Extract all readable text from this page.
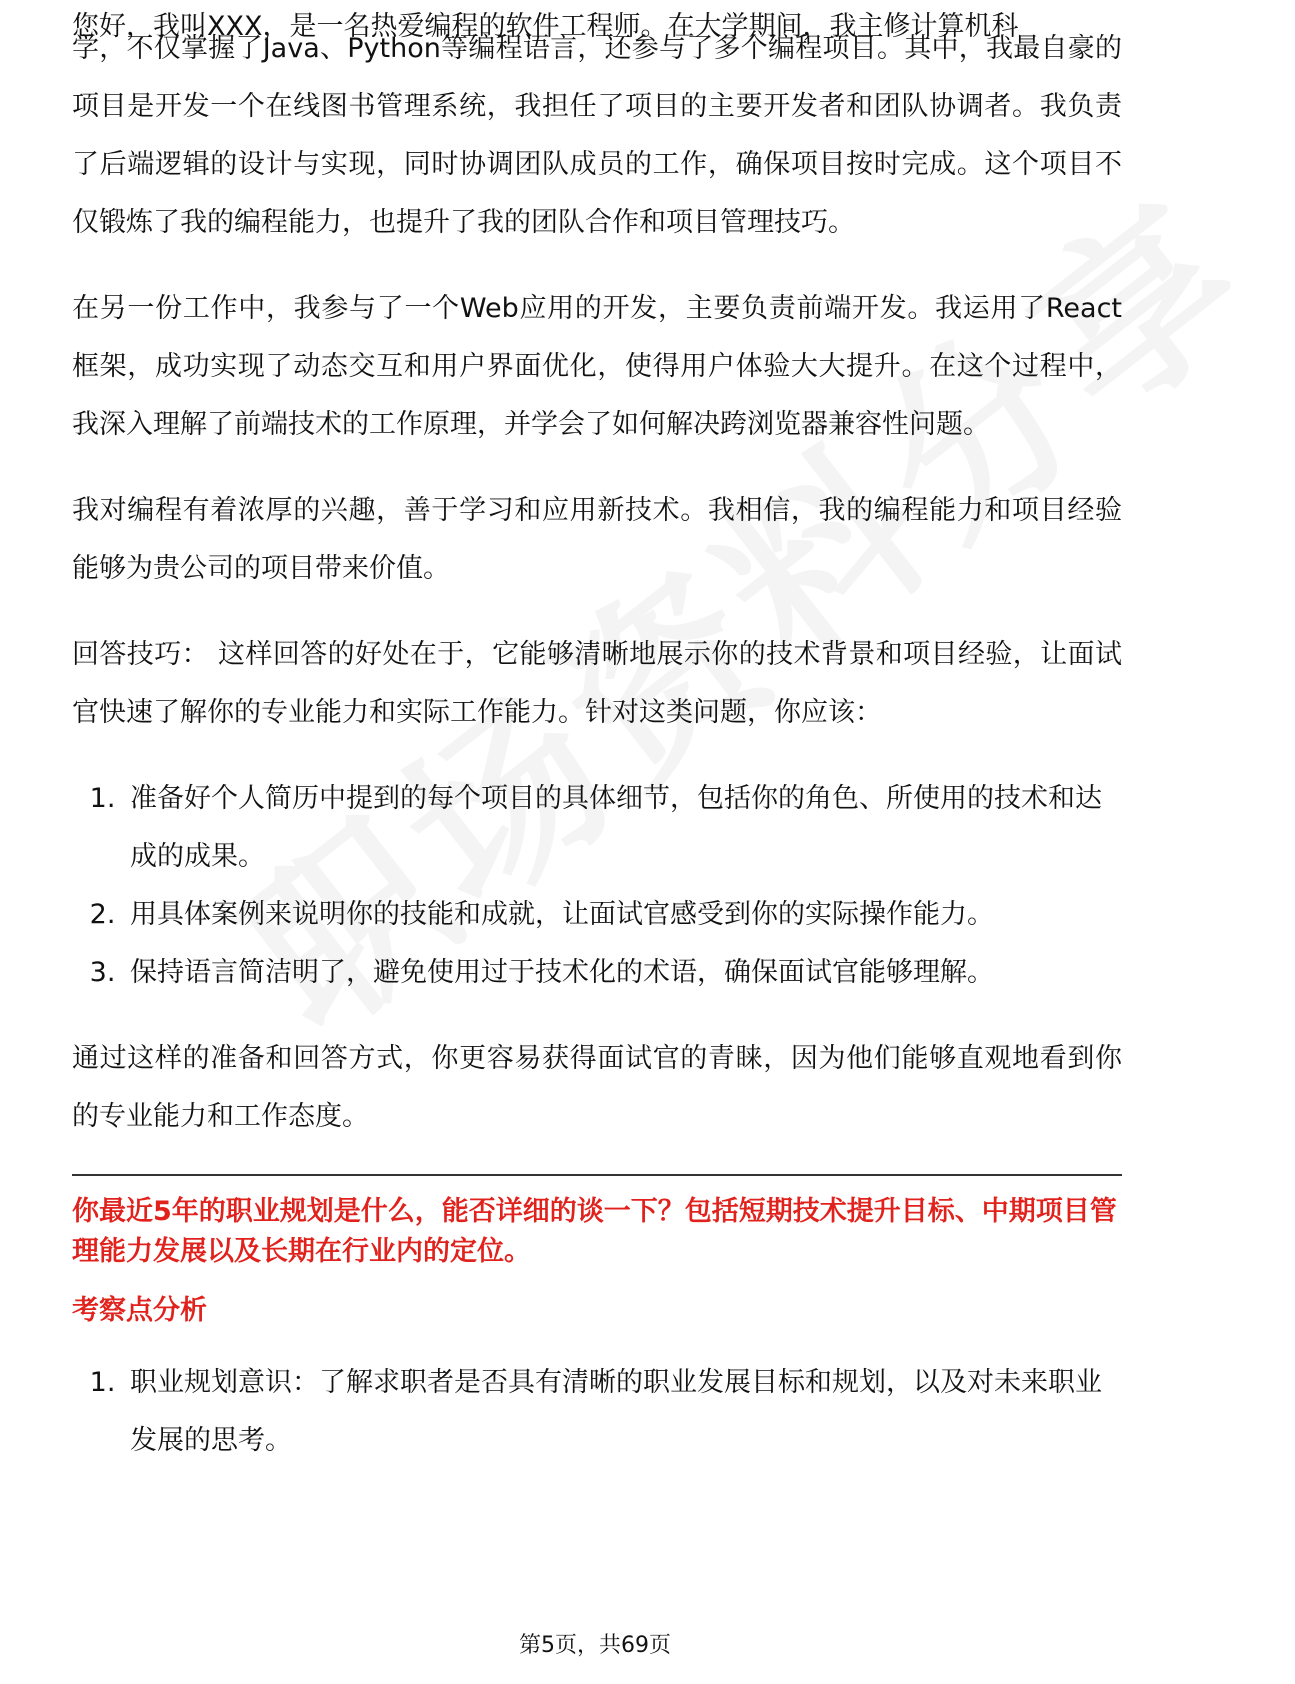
您好，我叫XXX，是一名热爱编程的软件工程师。在大学期间，我主修计算机科

学，不仅掌握了Java、Python等编程语言，还参与了多个编程项目。其中，我最自豪的项目是开发一个在线图书管理系统，我担任了项目的主要开发者和团队协调者。我负责了后端逻辑的设计与实现，同时协调团队成员的工作，确保项目按时完成。这个项目不仅锻炼了我的编程能力，也提升了我的团队合作和项目管理技巧。

在另一份工作中，我参与了一个Web应用的开发，主要负责前端开发。我运用了React框架，成功实现了动态交互和用户界面优化，使得用户体验大大提升。在这个过程中，我深入理解了前端技术的工作原理，并学会了如何解决跨浏览器兼容性问题。

我对编程有着浓厚的兴趣，善于学习和应用新技术。我相信，我的编程能力和项目经验能够为贵公司的项目带来价值。

回答技巧： 这样回答的好处在于，它能够清晰地展示你的技术背景和项目经验，让面试官快速了解你的专业能力和实际工作能力。针对这类问题，你应该：

1. 准备好个人简历中提到的每个项目的具体细节，包括你的角色、所使用的技术和达成的成果。
2. 用具体案例来说明你的技能和成就，让面试官感受到你的实际操作能力。
3. 保持语言简洁明了，避免使用过于技术化的术语，确保面试官能够理解。

通过这样的准备和回答方式，你更容易获得面试官的青睐，因为他们能够直观地看到你的专业能力和工作态度。

你最近5年的职业规划是什么，能否详细的谈一下？包括短期技术提升目标、中期项目管理能力发展以及长期在行业内的定位。

考察点分析

1. 职业规划意识：了解求职者是否具有清晰的职业发展目标和规划，以及对未来职业发展的思考。
第5页，共69页
